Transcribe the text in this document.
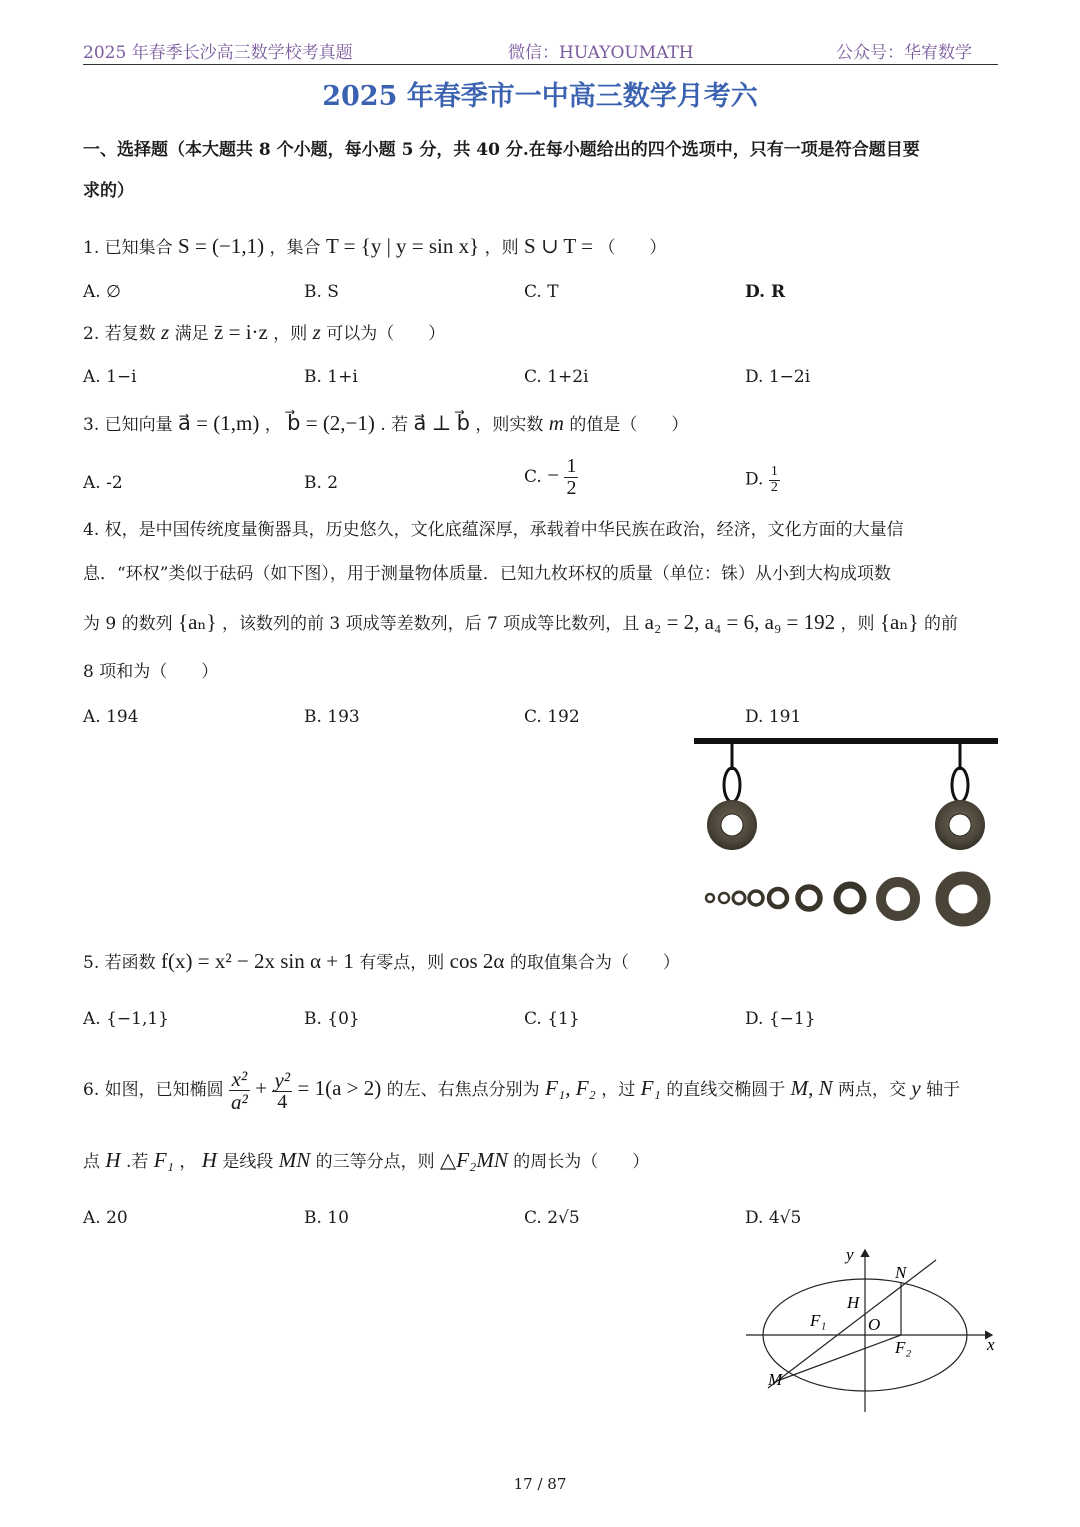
2025 年春季长沙高三数学校考真题	微信：HUAYOUMATH	公众号：华宥数学
2025 年春季市一中高三数学月考六
一、选择题（本大题共 8 个小题，每小题 5 分，共 40 分.在每小题给出的四个选项中，只有一项是符合题目要
求的）
1. 已知集合 S = (−1,1) ，集合 T = {y | y = sin x} ，则 S ∪ T = （　　）
A. ∅	B. S	C. T	D. R
2. 若复数 z 满足 z̄ = i·z ，则 z 可以为（　　）
A. 1−i	B. 1+i	C. 1+2i	D. 1−2i
3. 已知向量 a⃗ = (1,m) ， b⃗ = (2,−1) . 若 a⃗ ⊥ b⃗ ，则实数 m 的值是（　　）
A. -2	B. 2	C. − $\frac{1}{2}$	D. $\frac{1}{2}$
4. 权，是中国传统度量衡器具，历史悠久，文化底蕴深厚，承载着中华民族在政治，经济，文化方面的大量信
息．“环权”类似于砝码（如下图），用于测量物体质量．已知九枚环权的质量（单位：铢）从小到大构成项数
为 9 的数列 {aₙ} ，该数列的前 3 项成等差数列，后 7 项成等比数列，且 a₂ = 2, a₄ = 6, a₉ = 192 ，则 {aₙ} 的前
8 项和为（　　）
A. 194	B. 193	C. 192	D. 191
5. 若函数 f(x) = x² − 2x sin α + 1 有零点，则 cos 2α 的取值集合为（　　）
A. {−1,1}	B. {0}	C. {1}	D. {−1}
6. 如图，已知椭圆 $\frac{\text{x²}}{\text{a²}} + \frac{\text{y²}}{4} = 1(a > 2)$ 的左、右焦点分别为 F₁, F₂ ，过 F₁ 的直线交椭圆于 M, N 两点，交 y 轴于
点 H .若 F₁ ， H 是线段 MN 的三等分点，则 △F₂MN 的周长为（　　）
A. 20	B. 10	C. 2√5	D. 4√5
y
x
N
H
O
F₁
F₂
M
17 / 87
